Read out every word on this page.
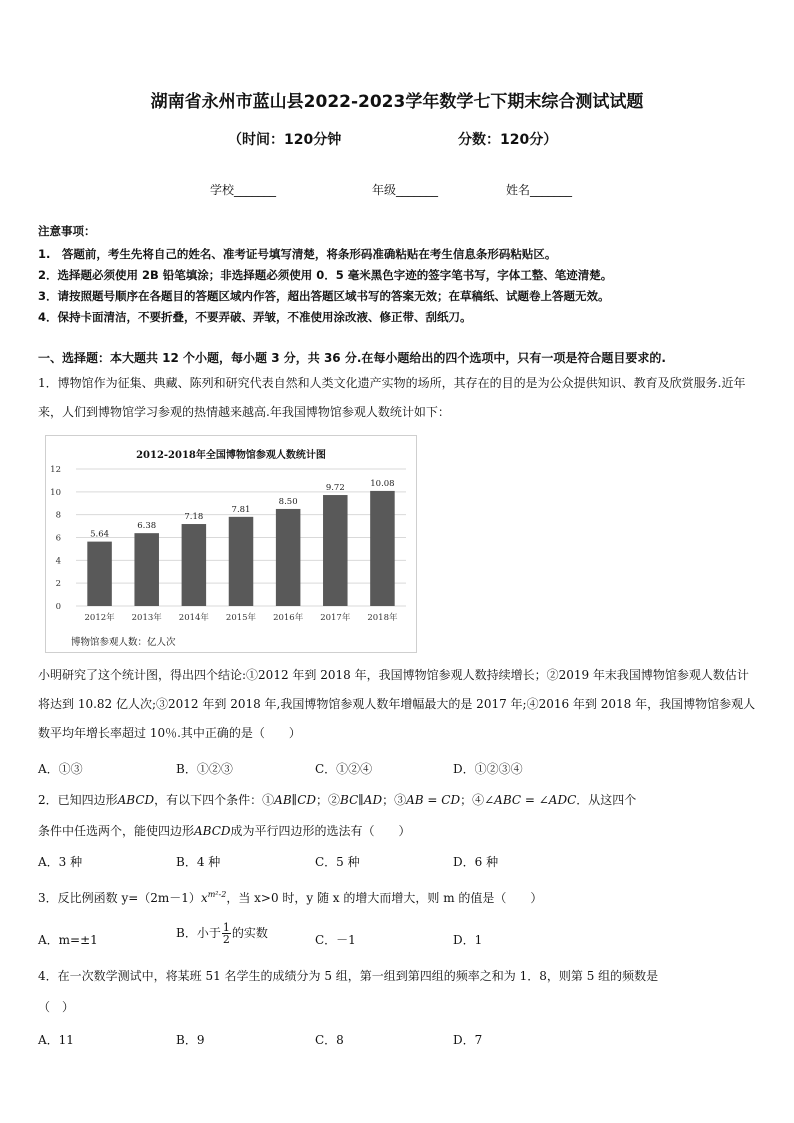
湖南省永州市蓝山县2022-2023学年数学七下期末综合测试试题
（时间：120分钟	分数：120分）
学校_______	年级_______	姓名_______
注意事项：
1.　答题前，考生先将自己的姓名、准考证号填写清楚，将条形码准确粘贴在考生信息条形码粘贴区。
2．选择题必须使用 2B 铅笔填涂；非选择题必须使用 0．5 毫米黑色字迹的签字笔书写，字体工整、笔迹清楚。
3．请按照题号顺序在各题目的答题区域内作答，超出答题区域书写的答案无效；在草稿纸、试题卷上答题无效。
4．保持卡面清洁，不要折叠，不要弄破、弄皱，不准使用涂改液、修正带、刮纸刀。
一、选择题：本大题共 12 个小题，每小题 3 分，共 36 分.在每小题给出的四个选项中，只有一项是符合题目要求的.
1．博物馆作为征集、典藏、陈列和研究代表自然和人类文化遗产实物的场所，其存在的目的是为公众提供知识、教育及欣赏服务.近年来，人们到博物馆学习参观的热情越来越高.年我国博物馆参观人数统计如下：
2012-2018年全国博物馆参观人数统计图
0
2
4
6
8
10
12
5.64
2012年
6.38
2013年
7.18
2014年
7.81
2015年
8.50
2016年
9.72
2017年
10.08
2018年
博物馆参观人数：亿人次
小明研究了这个统计图，得出四个结论:①2012 年到 2018 年，我国博物馆参观人数持续增长；②2019 年末我国博物馆参观人数估计将达到 10.82 亿人次;③2012 年到 2018 年,我国博物馆参观人数年增幅最大的是 2017 年;④2016 年到 2018 年，我国博物馆参观人数平均年增长率超过 10％.其中正确的是（　　）
A．①③	B．①②③	C．①②④	D．①②③④
2．已知四边形ABCD，有以下四个条件：①AB∥CD；②BC∥AD；③AB = CD；④∠ABC = ∠ADC．从这四个
条件中任选两个，能使四边形ABCD成为平行四边形的选法有（　　）
A．3 种	B．4 种	C．5 种	D．6 种
3．反比例函数 $y=(2m-1)x^{m^2-2}$，当 x>0 时，y 随 x 的增大而增大，则 m 的值是（　　）
A．m=±1	B．小于 $\frac{1}{2}$ 的实数	C．－1	D．1
4．在一次数学测试中，将某班 51 名学生的成绩分为 5 组，第一组到第四组的频率之和为 1．8，则第 5 组的频数是
（　）
A．11	B．9	C．8	D．7
